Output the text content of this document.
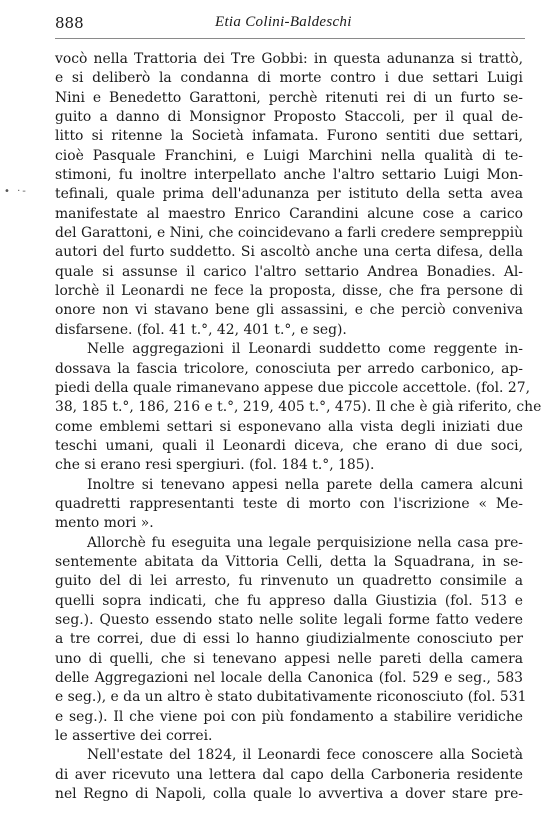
888	Etia Colini-Baldeschi
• ·-
vocò nella Trattoria dei Tre Gobbi: in questa adunanza si trattò,
e si deliberò la condanna di morte contro i due settari Luigi
Nini e Benedetto Garattoni, perchè ritenuti rei di un furto se-
guito a danno di Monsignor Proposto Staccoli, per il qual de-
litto si ritenne la Società infamata. Furono sentiti due settari,
cioè Pasquale Franchini, e Luigi Marchini nella qualità di te-
stimoni, fu inoltre interpellato anche l'altro settario Luigi Mon-
tefinali, quale prima dell'adunanza per istituto della setta avea
manifestate al maestro Enrico Carandini alcune cose a carico
del Garattoni, e Nini, che coincidevano a farli credere sempreppiù
autori del furto suddetto. Si ascoltò anche una certa difesa, della
quale si assunse il carico l'altro settario Andrea Bonadies. Al-
lorchè il Leonardi ne fece la proposta, disse, che fra persone di
onore non vi stavano bene gli assassini, e che perciò conveniva
disfarsene. (fol. 41 t.°, 42, 401 t.°, e seg).
Nelle aggregazioni il Leonardi suddetto come reggente in-
dossava la fascia tricolore, conosciuta per arredo carbonico, ap-
piedi della quale rimanevano appese due piccole accettole. (fol. 27,
38, 185 t.°, 186, 216 e t.°, 219, 405 t.°, 475). Il che è già riferito, che
come emblemi settari si esponevano alla vista degli iniziati due
teschi umani, quali il Leonardi diceva, che erano di due soci,
che si erano resi spergiuri. (fol. 184 t.°, 185).
Inoltre si tenevano appesi nella parete della camera alcuni
quadretti rappresentanti teste di morto con l'iscrizione « Me-
mento mori ».
Allorchè fu eseguita una legale perquisizione nella casa pre-
sentemente abitata da Vittoria Celli, detta la Squadrana, in se-
guito del di lei arresto, fu rinvenuto un quadretto consimile a
quelli sopra indicati, che fu appreso dalla Giustizia (fol. 513 e
seg.). Questo essendo stato nelle solite legali forme fatto vedere
a tre correi, due di essi lo hanno giudizialmente conosciuto per
uno di quelli, che si tenevano appesi nelle pareti della camera
delle Aggregazioni nel locale della Canonica (fol. 529 e seg., 583
e seg.), e da un altro è stato dubitativamente riconosciuto (fol. 531
e seg.). Il che viene poi con più fondamento a stabilire veridiche
le assertive dei correi.
Nell'estate del 1824, il Leonardi fece conoscere alla Società
di aver ricevuto una lettera dal capo della Carboneria residente
nel Regno di Napoli, colla quale lo avvertiva a dover stare pre-
